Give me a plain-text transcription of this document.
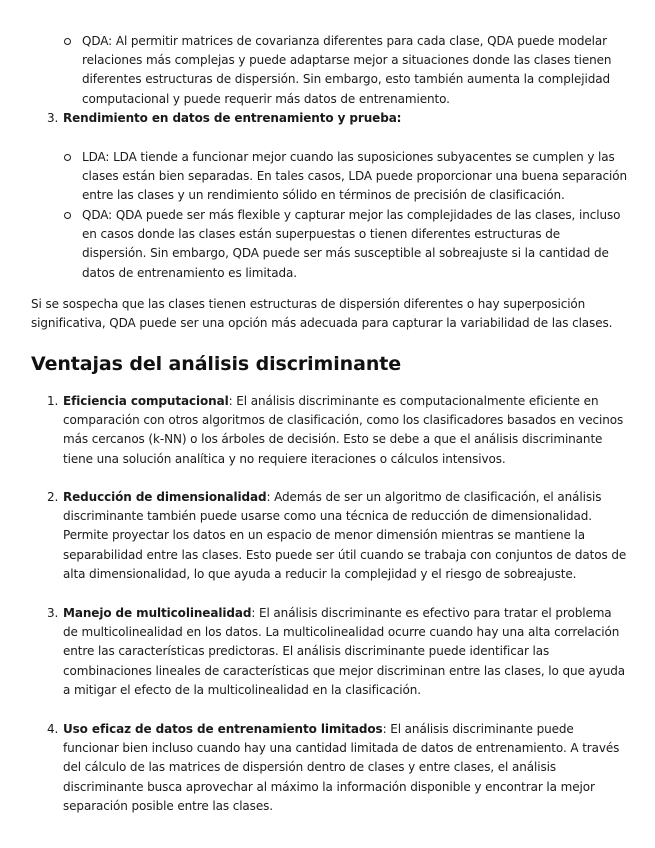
QDA: Al permitir matrices de covarianza diferentes para cada clase, QDA puede modelar relaciones más complejas y puede adaptarse mejor a situaciones donde las clases tienen diferentes estructuras de dispersión. Sin embargo, esto también aumenta la complejidad computacional y puede requerir más datos de entrenamiento.
3. Rendimiento en datos de entrenamiento y prueba:
LDA: LDA tiende a funcionar mejor cuando las suposiciones subyacentes se cumplen y las clases están bien separadas. En tales casos, LDA puede proporcionar una buena separación entre las clases y un rendimiento sólido en términos de precisión de clasificación.
QDA: QDA puede ser más flexible y capturar mejor las complejidades de las clases, incluso en casos donde las clases están superpuestas o tienen diferentes estructuras de dispersión. Sin embargo, QDA puede ser más susceptible al sobreajuste si la cantidad de datos de entrenamiento es limitada.

Si se sospecha que las clases tienen estructuras de dispersión diferentes o hay superposición significativa, QDA puede ser una opción más adecuada para capturar la variabilidad de las clases.

Ventajas del análisis discriminante
1. Eficiencia computacional: El análisis discriminante es computacionalmente eficiente en comparación con otros algoritmos de clasificación, como los clasificadores basados en vecinos más cercanos (k-NN) o los árboles de decisión. Esto se debe a que el análisis discriminante tiene una solución analítica y no requiere iteraciones o cálculos intensivos.
2. Reducción de dimensionalidad: Además de ser un algoritmo de clasificación, el análisis discriminante también puede usarse como una técnica de reducción de dimensionalidad. Permite proyectar los datos en un espacio de menor dimensión mientras se mantiene la separabilidad entre las clases. Esto puede ser útil cuando se trabaja con conjuntos de datos de alta dimensionalidad, lo que ayuda a reducir la complejidad y el riesgo de sobreajuste.
3. Manejo de multicolinealidad: El análisis discriminante es efectivo para tratar el problema de multicolinealidad en los datos. La multicolinealidad ocurre cuando hay una alta correlación entre las características predictoras. El análisis discriminante puede identificar las combinaciones lineales de características que mejor discriminan entre las clases, lo que ayuda a mitigar el efecto de la multicolinealidad en la clasificación.
4. Uso eficaz de datos de entrenamiento limitados: El análisis discriminante puede funcionar bien incluso cuando hay una cantidad limitada de datos de entrenamiento. A través del cálculo de las matrices de dispersión dentro de clases y entre clases, el análisis discriminante busca aprovechar al máximo la información disponible y encontrar la mejor separación posible entre las clases.
